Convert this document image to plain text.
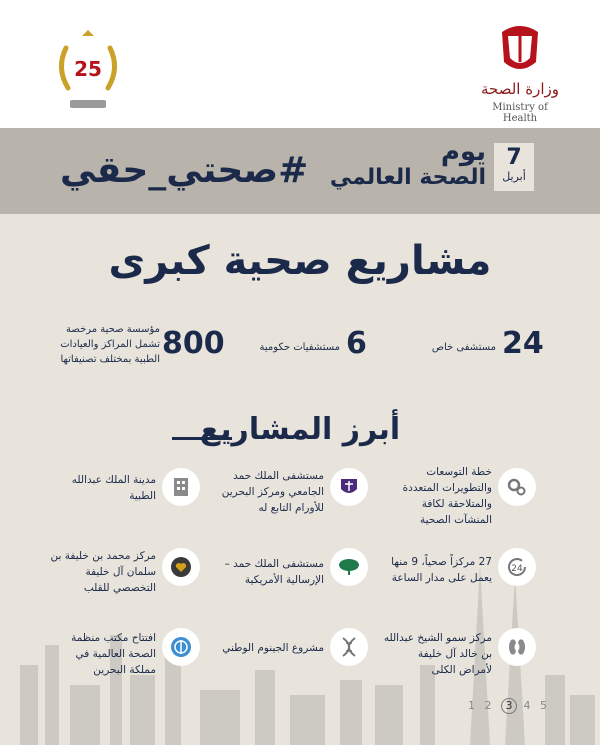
25
وزارة الصحة
Ministry of Health
#صحتي_حقي	يوم
الصحة العالمي
7
أبريل
مشاريع صحية كبرى
24
مستشفى خاص
6
مستشفيات حكومية
800
مؤسسة صحية مرخصة تشمل المراكز والعيادات الطبية بمختلف تصنيفاتها
أبرز المشاريع
خطة التوسعات والتطويرات المتعددة والمتلاحقة لكافة المنشآت الصحية
مستشفى الملك حمد الجامعي ومركز البحرين للأورام التابع له
مدينة الملك عبدالله الطبية
24
27 مركزاً صحياً، 9 منها يعمل على مدار الساعة
مستشفى الملك حمد – الإرسالية الأمريكية
مركز محمد بن خليفة بن سلمان آل خليفة التخصصي للقلب
مركز سمو الشيخ عبدالله بن خالد آل خليفة لأمراض الكلى
مشروع الجينوم الوطني
افتتاح مكتب منظمة الصحة العالمية في مملكة البحرين
1 2 3 4 5
